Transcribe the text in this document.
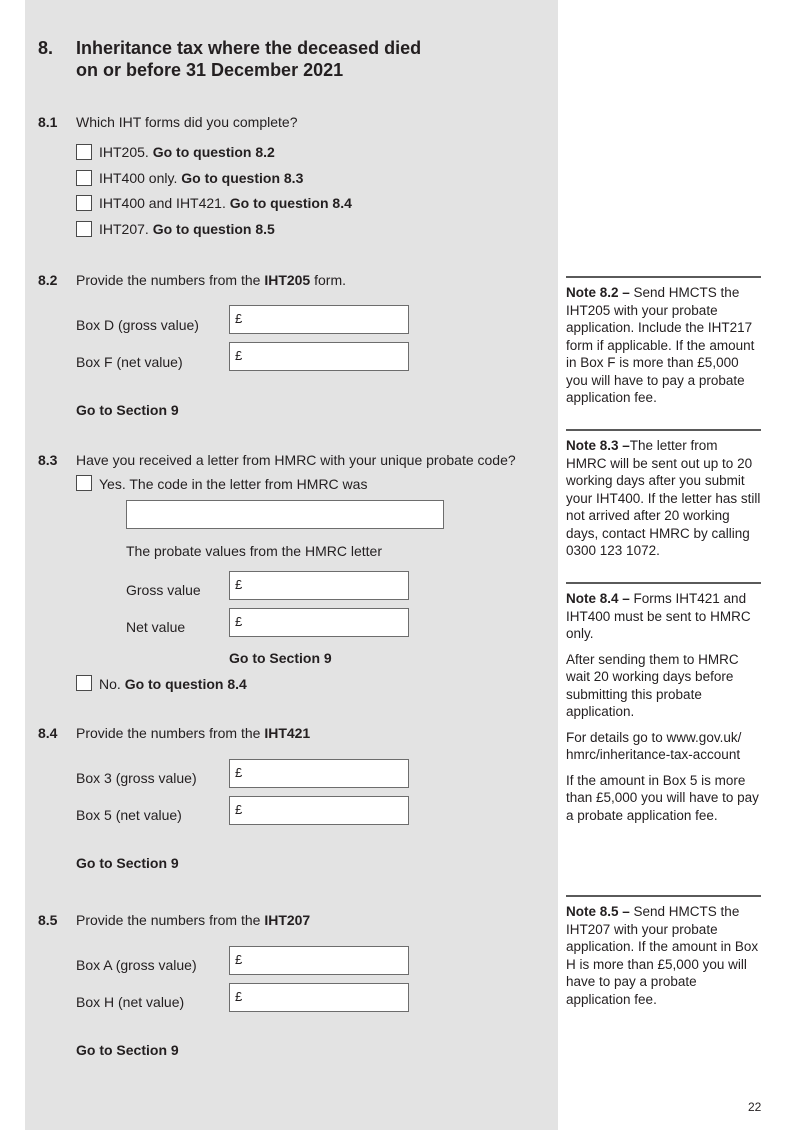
8. Inheritance tax where the deceased died
on or before 31 December 2021
8.1 Which IHT forms did you complete?
IHT205. Go to question 8.2
IHT400 only. Go to question 8.3
IHT400 and IHT421. Go to question 8.4
IHT207. Go to question 8.5
8.2 Provide the numbers from the IHT205 form.
Box D (gross value)	£
Box F (net value)	£
Go to Section 9
8.3 Have you received a letter from HMRC with your unique probate code?
Yes. The code in the letter from HMRC was
The probate values from the HMRC letter
Gross value	£
Net value	£
Go to Section 9
No. Go to question 8.4
8.4 Provide the numbers from the IHT421
Box 3 (gross value)	£
Box 5 (net value)	£
Go to Section 9
8.5 Provide the numbers from the IHT207
Box A (gross value)	£
Box H (net value)	£
Go to Section 9

Note 8.2 – Send HMCTS the IHT205 with your probate application. Include the IHT217 form if applicable. If the amount in Box F is more than £5,000 you will have to pay a probate application fee.

Note 8.3 –The letter from HMRC will be sent out up to 20 working days after you submit your IHT400. If the letter has still not arrived after 20 working days, contact HMRC by calling 0300 123 1072.

Note 8.4 – Forms IHT421 and IHT400 must be sent to HMRC only.

After sending them to HMRC wait 20 working days before submitting this probate application.

For details go to www.gov.uk/ hmrc/inheritance-tax-account

If the amount in Box 5 is more than £5,000 you will have to pay a probate application fee.

Note 8.5 – Send HMCTS the IHT207 with your probate application. If the amount in Box H is more than £5,000 you will have to pay a probate application fee.

22
